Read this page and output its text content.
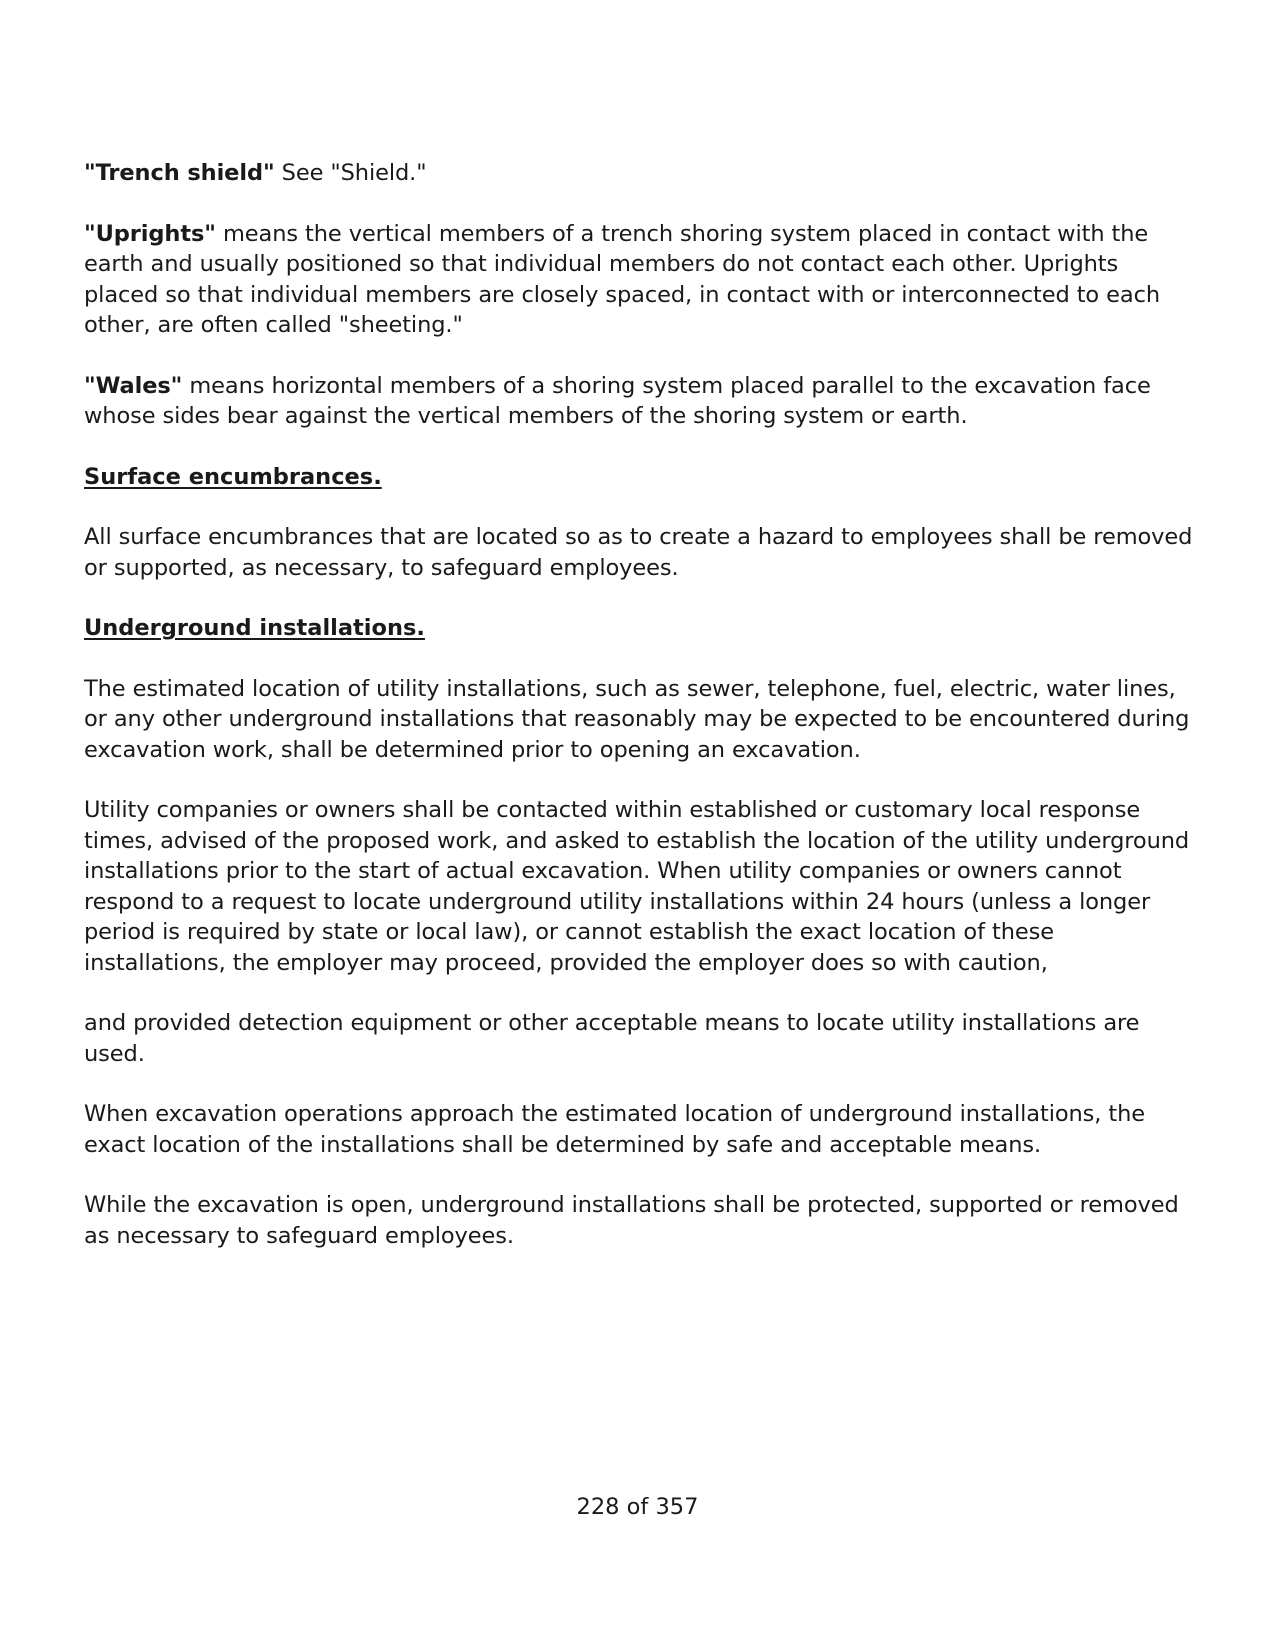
"Trench shield" See "Shield."

"Uprights" means the vertical members of a trench shoring system placed in contact with the earth and usually positioned so that individual members do not contact each other. Uprights placed so that individual members are closely spaced, in contact with or interconnected to each other, are often called "sheeting."

"Wales" means horizontal members of a shoring system placed parallel to the excavation face whose sides bear against the vertical members of the shoring system or earth.

Surface encumbrances.

All surface encumbrances that are located so as to create a hazard to employees shall be removed or supported, as necessary, to safeguard employees.

Underground installations.

The estimated location of utility installations, such as sewer, telephone, fuel, electric, water lines, or any other underground installations that reasonably may be expected to be encountered during excavation work, shall be determined prior to opening an excavation.

Utility companies or owners shall be contacted within established or customary local response times, advised of the proposed work, and asked to establish the location of the utility underground installations prior to the start of actual excavation. When utility companies or owners cannot respond to a request to locate underground utility installations within 24 hours (unless a longer period is required by state or local law), or cannot establish the exact location of these installations, the employer may proceed, provided the employer does so with caution,

and provided detection equipment or other acceptable means to locate utility installations are used.

When excavation operations approach the estimated location of underground installations, the exact location of the installations shall be determined by safe and acceptable means.

While the excavation is open, underground installations shall be protected, supported or removed as necessary to safeguard employees.

228 of 357
